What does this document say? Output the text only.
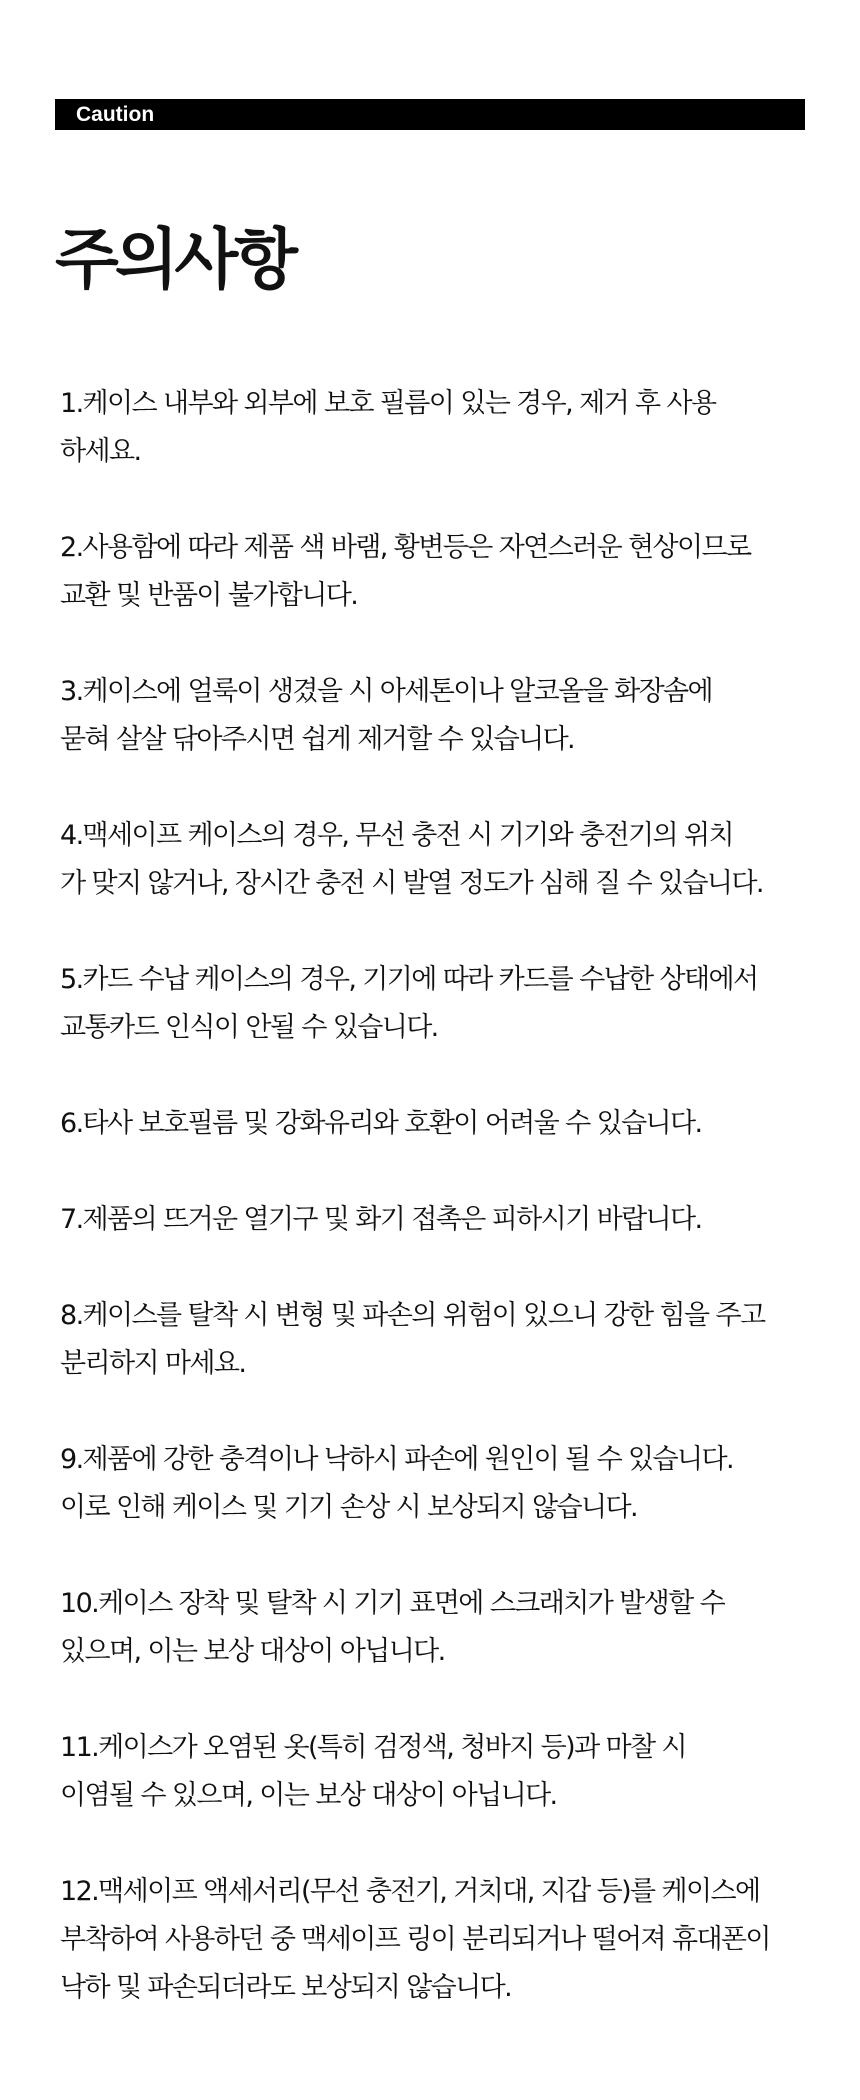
Caution
주의사항
1.케이스 내부와 외부에 보호 필름이 있는 경우, 제거 후 사용
하세요.
2.사용함에 따라 제품 색 바램, 황변등은 자연스러운 현상이므로
교환 및 반품이 불가합니다.
3.케이스에 얼룩이 생겼을 시 아세톤이나 알코올을 화장솜에
묻혀 살살 닦아주시면 쉽게 제거할 수 있습니다.
4.맥세이프 케이스의 경우, 무선 충전 시 기기와 충전기의 위치
가 맞지 않거나, 장시간 충전 시 발열 정도가 심해 질 수 있습니다.
5.카드 수납 케이스의 경우, 기기에 따라 카드를 수납한 상태에서
교통카드 인식이 안될 수 있습니다.
6.타사 보호필름 및 강화유리와 호환이 어려울 수 있습니다.
7.제품의 뜨거운 열기구 및 화기 접촉은 피하시기 바랍니다.
8.케이스를 탈착 시 변형 및 파손의 위험이 있으니 강한 힘을 주고
분리하지 마세요.
9.제품에 강한 충격이나 낙하시 파손에 원인이 될 수 있습니다.
이로 인해 케이스 및 기기 손상 시 보상되지 않습니다.
10.케이스 장착 및 탈착 시 기기 표면에 스크래치가 발생할 수
있으며, 이는 보상 대상이 아닙니다.
11.케이스가 오염된 옷(특히 검정색, 청바지 등)과 마찰 시
이염될 수 있으며, 이는 보상 대상이 아닙니다.
12.맥세이프 액세서리(무선 충전기, 거치대, 지갑 등)를 케이스에
부착하여 사용하던 중 맥세이프 링이 분리되거나 떨어져 휴대폰이
낙하 및 파손되더라도 보상되지 않습니다.
